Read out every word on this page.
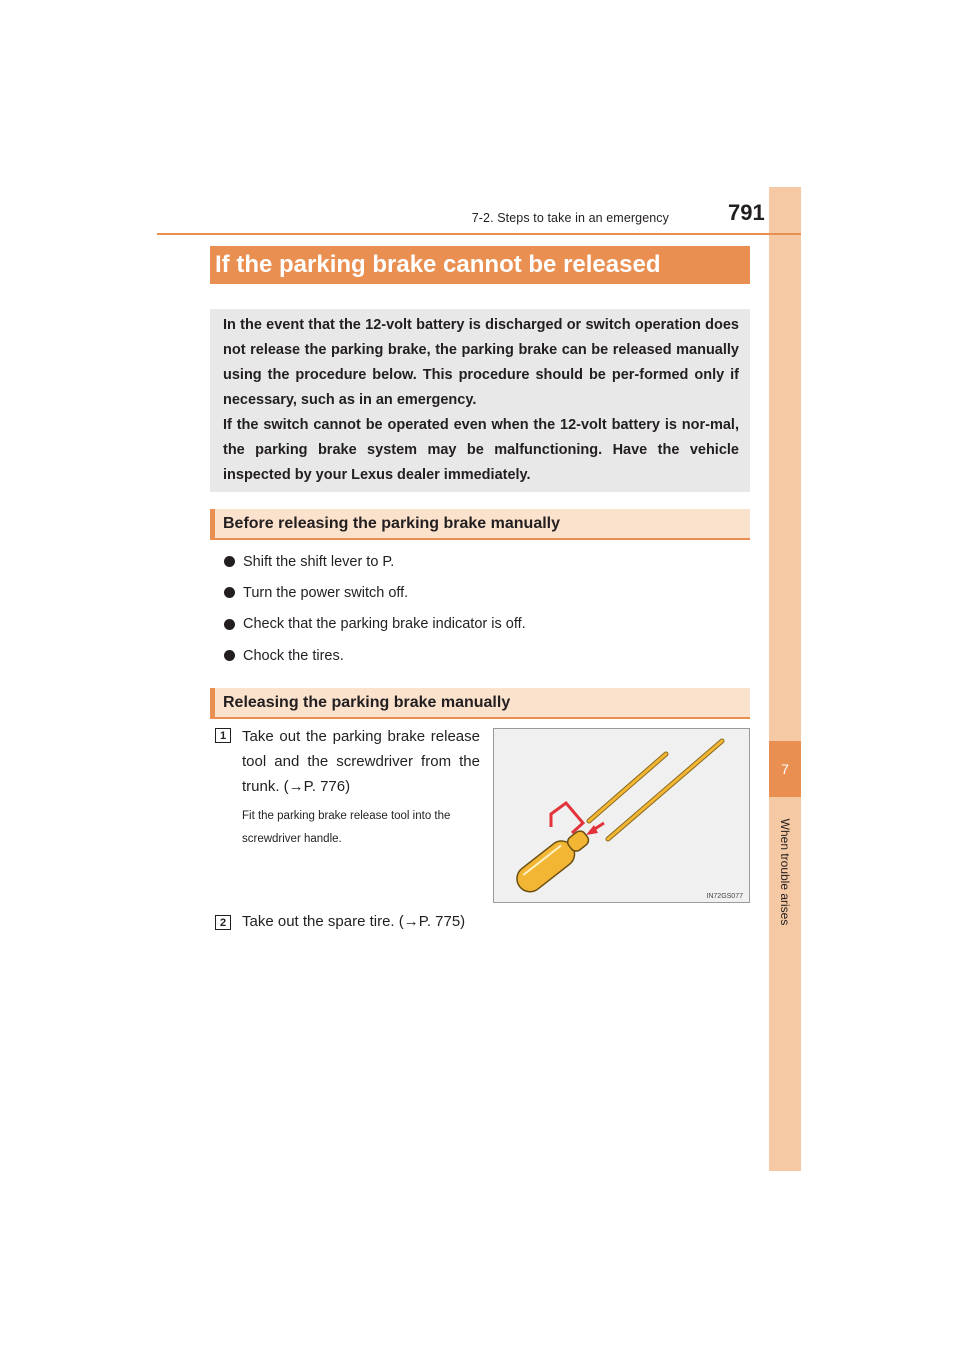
7
When trouble arises
7-2. Steps to take in an emergency	791
If the parking brake cannot be released

In the event that the 12-volt battery is discharged or switch operation does not release the parking brake, the parking brake can be released manually using the procedure below. This procedure should be per-formed only if necessary, such as in an emergency.

If the switch cannot be operated even when the 12-volt battery is nor-mal, the parking brake system may be malfunctioning. Have the vehicle inspected by your Lexus dealer immediately.

Before releasing the parking brake manually
Shift the shift lever to P.
Turn the power switch off.
Check that the parking brake indicator is off.
Chock the tires.
Releasing the parking brake manually
1	Take out the parking brake release tool and the screwdriver from the trunk. (→P. 776)
Fit the parking brake release tool into the screwdriver handle.
IN72GS077
2	Take out the spare tire. (→P. 775)
